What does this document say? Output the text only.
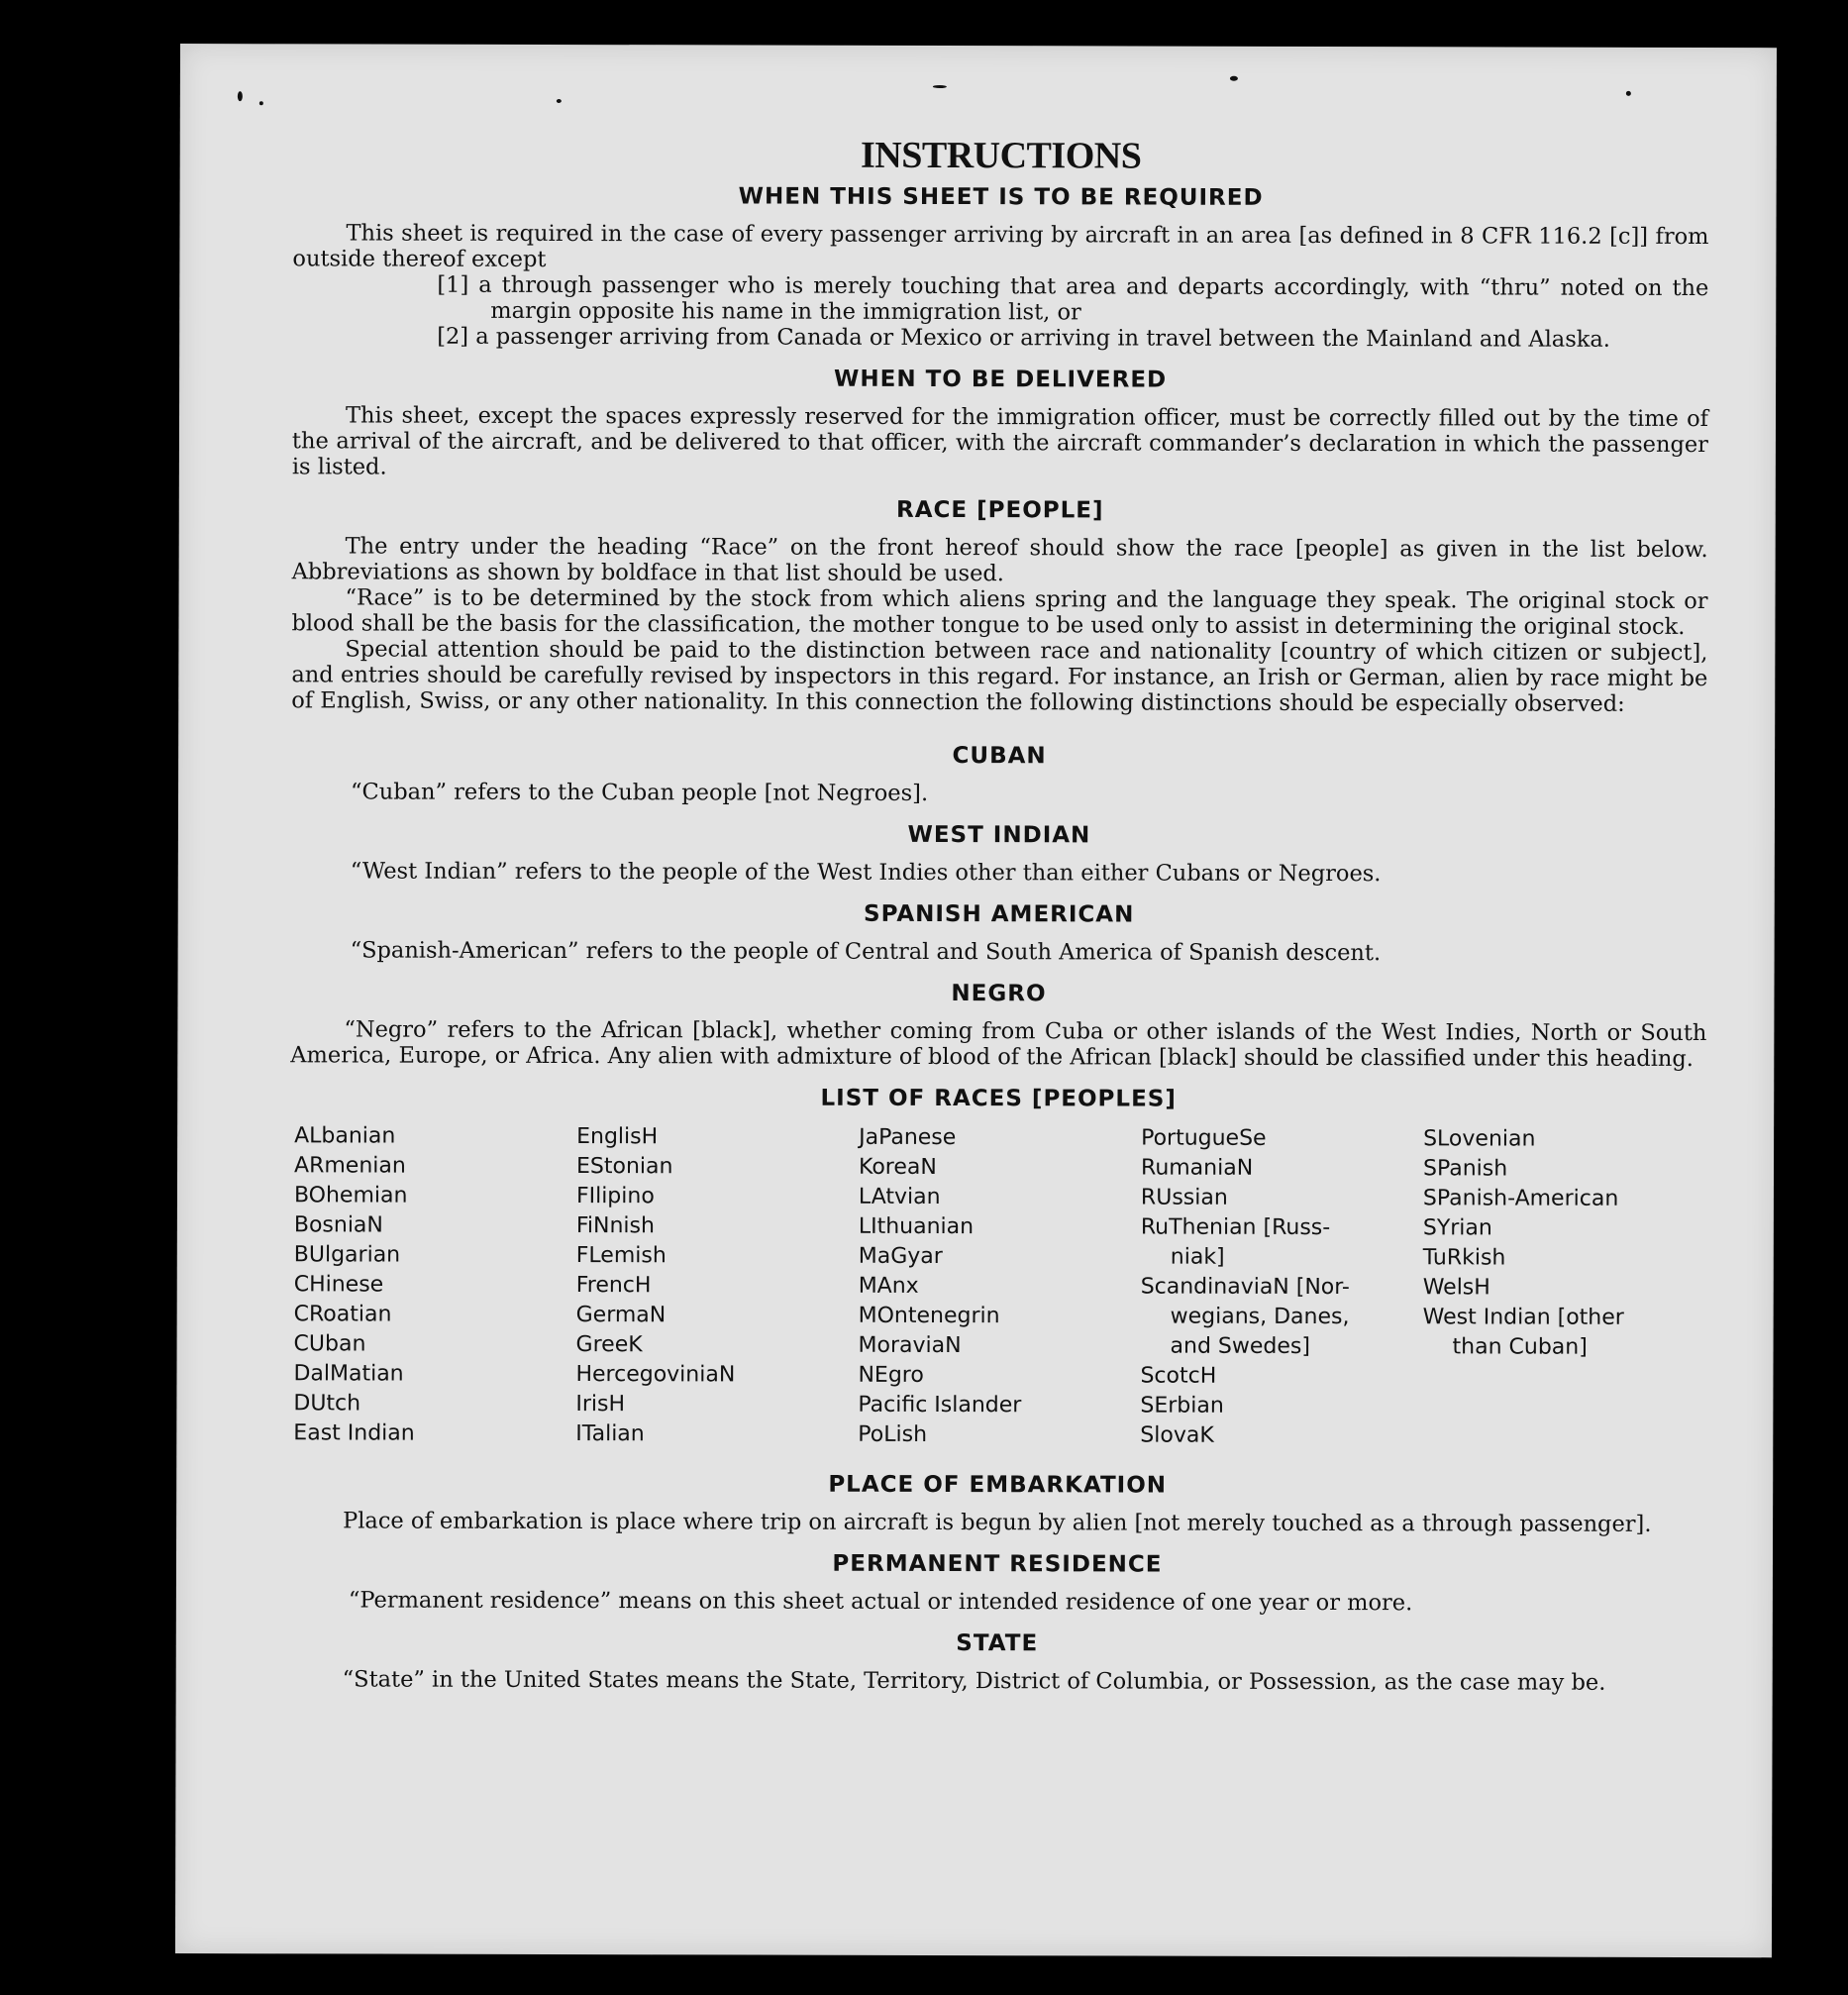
INSTRUCTIONS
WHEN THIS SHEET IS TO BE REQUIRED

This sheet is required in the case of every passenger arriving by aircraft in an area [as defined in 8 CFR 116.2 [c]] from outside thereof except

[1] a through passenger who is merely touching that area and departs accordingly, with “thru” noted on the margin opposite his name in the immigration list, or

[2] a passenger arriving from Canada or Mexico or arriving in travel between the Mainland and Alaska.

WHEN TO BE DELIVERED

This sheet, except the spaces expressly reserved for the immigration officer, must be correctly filled out by the time of the arrival of the aircraft, and be delivered to that officer, with the aircraft commander’s declaration in which the passenger is listed.

RACE [PEOPLE]

The entry under the heading “Race” on the front hereof should show the race [people] as given in the list below. Abbreviations as shown by boldface in that list should be used.

“Race” is to be determined by the stock from which aliens spring and the language they speak. The original stock or blood shall be the basis for the classification, the mother tongue to be used only to assist in determining the original stock.

Special attention should be paid to the distinction between race and nationality [country of which citizen or subject], and entries should be carefully revised by inspectors in this regard. For instance, an Irish or German, alien by race might be of English, Swiss, or any other nationality. In this connection the following distinctions should be especially observed:

CUBAN

“Cuban” refers to the Cuban people [not Negroes].

WEST INDIAN

“West Indian” refers to the people of the West Indies other than either Cubans or Negroes.

SPANISH AMERICAN

“Spanish-American” refers to the people of Central and South America of Spanish descent.

NEGRO

“Negro” refers to the African [black], whether coming from Cuba or other islands of the West Indies, North or South America, Europe, or Africa. Any alien with admixture of blood of the African [black] should be classified under this heading.

LIST OF RACES [PEOPLES]
ALbanian
ARmenian
BOhemian
BosniaN
BUlgarian
CHinese
CRoatian
CUban
DalMatian
DUtch
East Indian
EnglisH
EStonian
FIlipino
FiNnish
FLemish
FrencH
GermaN
GreeK
HercegoviniaN
IrisH
ITalian
JaPanese
KoreaN
LAtvian
LIthuanian
MaGyar
MAnx
MOntenegrin
MoraviaN
NEgro
Pacific Islander
PoLish
PortugueSe
RumaniaN
RUssian
RuThenian [Russ-
niak]
ScandinaviaN [Nor-
wegians, Danes,
and Swedes]
ScotcH
SErbian
SlovaK
SLovenian
SPanish
SPanish-American
SYrian
TuRkish
WelsH
West Indian [other
than Cuban]
PLACE OF EMBARKATION

Place of embarkation is place where trip on aircraft is begun by alien [not merely touched as a through passenger].

PERMANENT RESIDENCE

“Permanent residence” means on this sheet actual or intended residence of one year or more.

STATE

“State” in the United States means the State, Territory, District of Columbia, or Possession, as the case may be.
